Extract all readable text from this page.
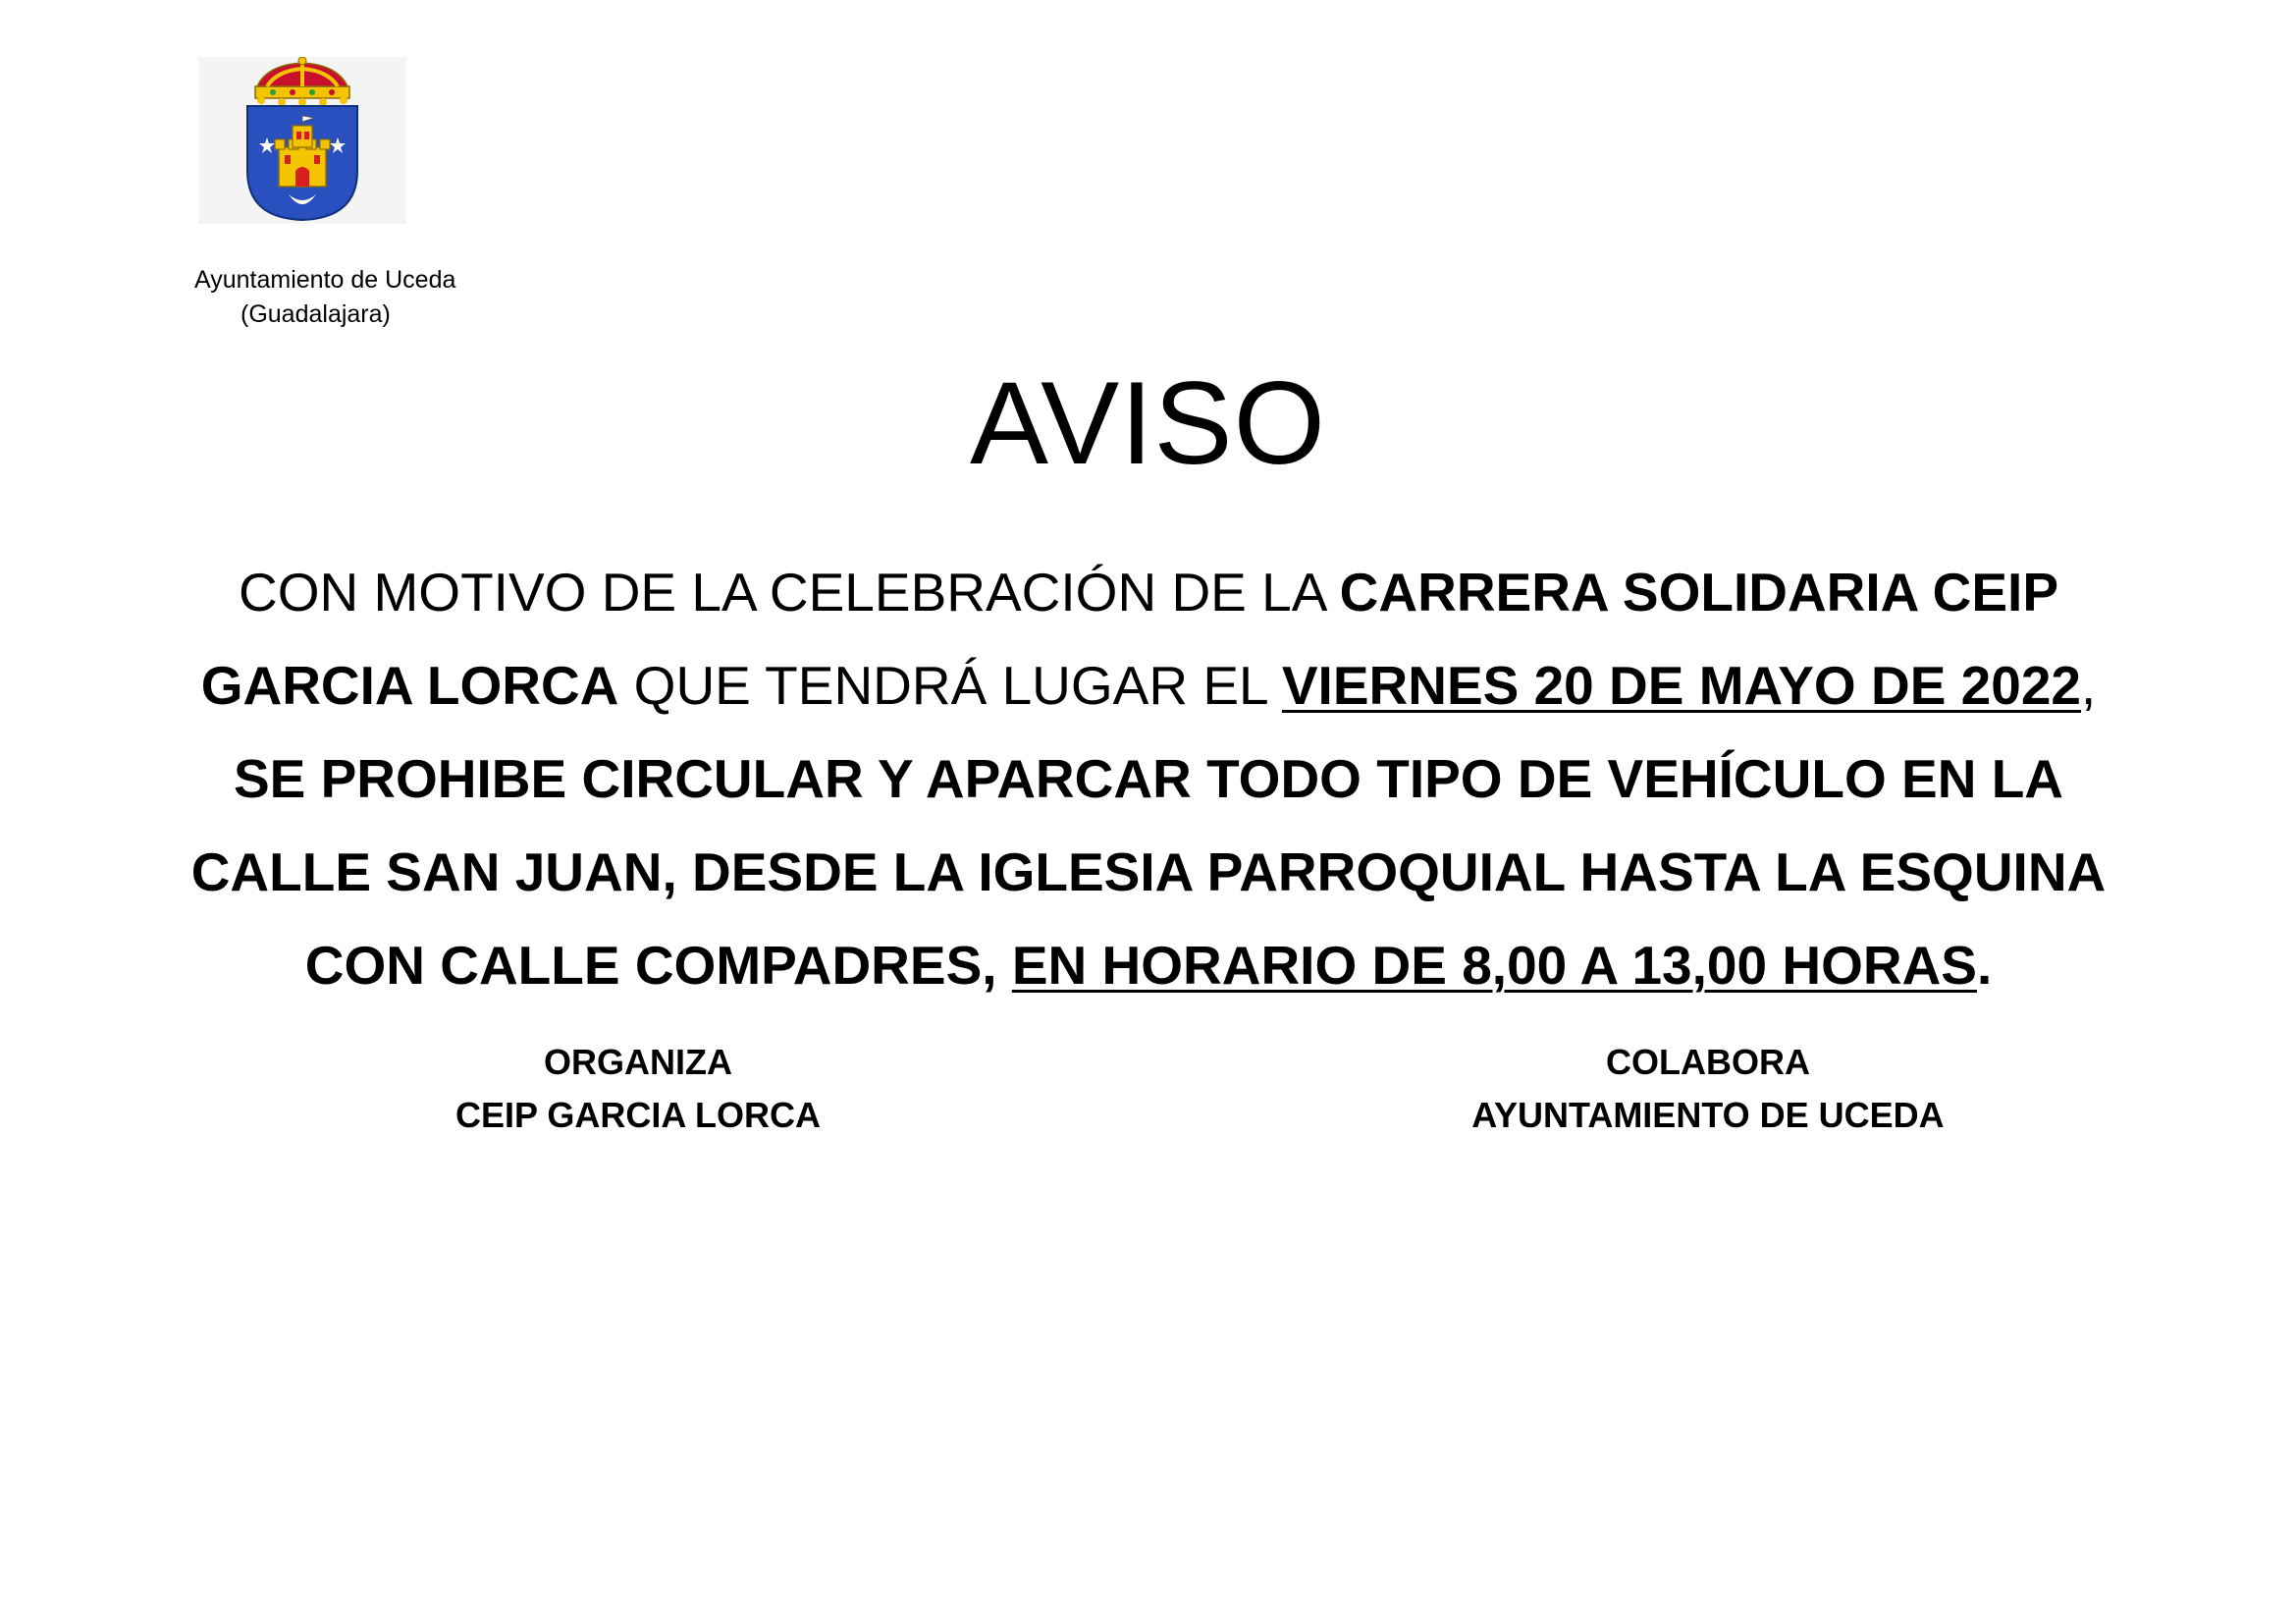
Ayuntamiento de Uceda
(Guadalajara)
AVISO
CON MOTIVO DE LA CELEBRACIÓN DE LA CARRERA SOLIDARIA CEIP
GARCIA LORCA QUE TENDRÁ LUGAR EL VIERNES 20 DE MAYO DE 2022,
SE PROHIBE CIRCULAR Y APARCAR TODO TIPO DE VEHÍCULO EN LA
CALLE SAN JUAN, DESDE LA IGLESIA PARROQUIAL HASTA LA ESQUINA
CON CALLE COMPADRES, EN HORARIO DE 8,00 A 13,00 HORAS.
ORGANIZA
CEIP GARCIA LORCA
COLABORA
AYUNTAMIENTO DE UCEDA
